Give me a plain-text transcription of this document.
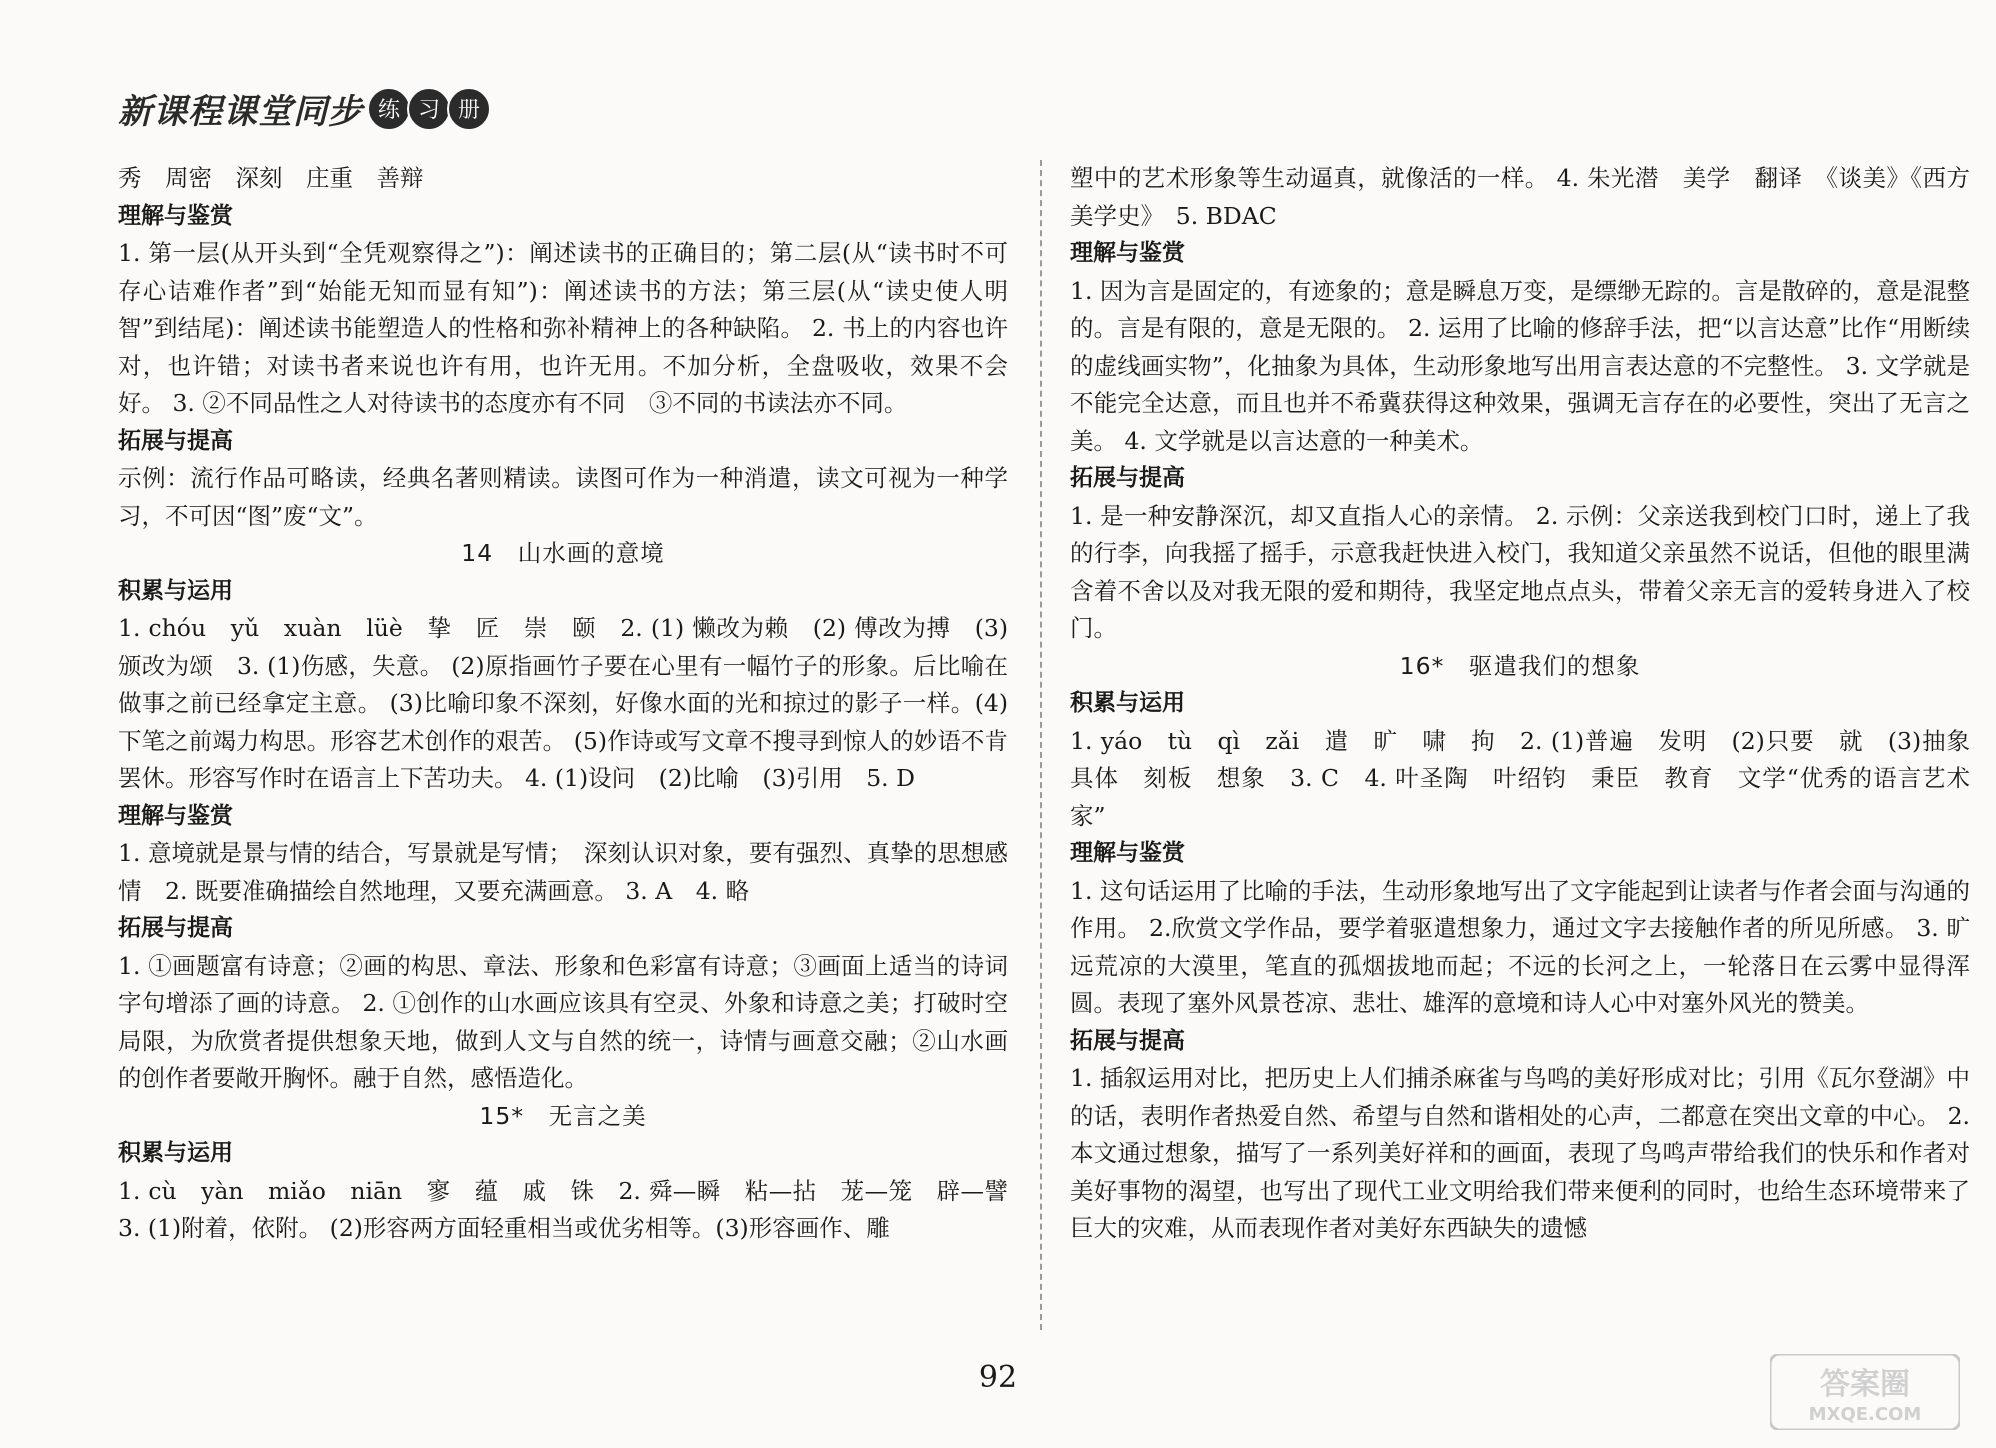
新课程课堂同步 练 习 册
秀　周密　深刻　庄重　善辩
理解与鉴赏
1. 第一层(从开头到“全凭观察得之”)：阐述读书的正确目的；第二层(从“读书时不可存心诘难作者”到“始能无知而显有知”)：阐述读书的方法；第三层(从“读史使人明智”到结尾)：阐述读书能塑造人的性格和弥补精神上的各种缺陷。 2. 书上的内容也许对，也许错；对读书者来说也许有用，也许无用。不加分析，全盘吸收，效果不会好。 3. ②不同品性之人对待读书的态度亦有不同　③不同的书读法亦不同。
拓展与提高
示例：流行作品可略读，经典名著则精读。读图可作为一种消遣，读文可视为一种学习，不可因“图”废“文”。
14　山水画的意境
积累与运用
1. chóu　yǔ　xuàn　lüè　挚　匠　崇　颐　2. (1) 懒改为赖　(2) 傅改为搏　(3)颁改为颂　3. (1)伤感，失意。 (2)原指画竹子要在心里有一幅竹子的形象。后比喻在做事之前已经拿定主意。 (3)比喻印象不深刻，好像水面的光和掠过的影子一样。(4)下笔之前竭力构思。形容艺术创作的艰苦。 (5)作诗或写文章不搜寻到惊人的妙语不肯罢休。形容写作时在语言上下苦功夫。 4. (1)设问　(2)比喻　(3)引用　5. D
理解与鉴赏
1. 意境就是景与情的结合，写景就是写情；　深刻认识对象，要有强烈、真挚的思想感情　2. 既要准确描绘自然地理，又要充满画意。 3. A　4. 略
拓展与提高
1. ①画题富有诗意；②画的构思、章法、形象和色彩富有诗意；③画面上适当的诗词字句增添了画的诗意。 2. ①创作的山水画应该具有空灵、外象和诗意之美；打破时空局限，为欣赏者提供想象天地，做到人文与自然的统一，诗情与画意交融；②山水画的创作者要敞开胸怀。融于自然，感悟造化。
15*　无言之美
积累与运用
1. cù　yàn　miǎo　niān　寥　蕴　戚　铢　2. 舜—瞬　粘—拈　茏—笼　辟—譬　3. (1)附着，依附。 (2)形容两方面轻重相当或优劣相等。(3)形容画作、雕
塑中的艺术形象等生动逼真，就像活的一样。 4. 朱光潜　美学　翻译　《谈美》《西方美学史》　5. BDAC
理解与鉴赏
1. 因为言是固定的，有迹象的；意是瞬息万变，是缥缈无踪的。言是散碎的，意是混整的。言是有限的，意是无限的。 2. 运用了比喻的修辞手法，把“以言达意”比作“用断续的虚线画实物”，化抽象为具体，生动形象地写出用言表达意的不完整性。 3. 文学就是不能完全达意，而且也并不希冀获得这种效果，强调无言存在的必要性，突出了无言之美。 4. 文学就是以言达意的一种美术。
拓展与提高
1. 是一种安静深沉，却又直指人心的亲情。 2. 示例：父亲送我到校门口时，递上了我的行李，向我摇了摇手，示意我赶快进入校门，我知道父亲虽然不说话，但他的眼里满含着不舍以及对我无限的爱和期待，我坚定地点点头，带着父亲无言的爱转身进入了校门。
16*　驱遣我们的想象
积累与运用
1. yáo　tù　qì　zǎi　遣　旷　啸　拘　2. (1)普遍　发明　(2)只要　就　(3)抽象　具体　刻板　想象　3. C　4. 叶圣陶　叶绍钧　秉臣　教育　文学“优秀的语言艺术家”
理解与鉴赏
1. 这句话运用了比喻的手法，生动形象地写出了文字能起到让读者与作者会面与沟通的作用。 2.欣赏文学作品，要学着驱遣想象力，通过文字去接触作者的所见所感。 3. 旷远荒凉的大漠里，笔直的孤烟拔地而起；不远的长河之上，一轮落日在云雾中显得浑圆。表现了塞外风景苍凉、悲壮、雄浑的意境和诗人心中对塞外风光的赞美。
拓展与提高
1. 插叙运用对比，把历史上人们捕杀麻雀与鸟鸣的美好形成对比；引用《瓦尔登湖》中的话，表明作者热爱自然、希望与自然和谐相处的心声，二都意在突出文章的中心。 2. 本文通过想象，描写了一系列美好祥和的画面，表现了鸟鸣声带给我们的快乐和作者对美好事物的渴望，也写出了现代工业文明给我们带来便利的同时，也给生态环境带来了巨大的灾难，从而表现作者对美好东西缺失的遗憾
92	答案圈
MXQE.COM
